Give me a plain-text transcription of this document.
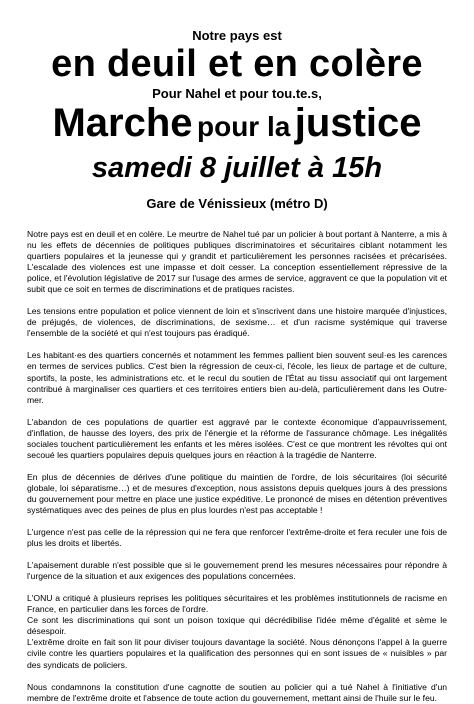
Notre pays est
en deuil et en colère
Pour Nahel et pour tou.te.s,
Marche pour la justice
samedi 8 juillet à 15h
Gare de Vénissieux (métro D)

Notre pays est en deuil et en colère. Le meurtre de Nahel tué par un policier à bout portant à Nanterre, a mis à nu les effets de décennies de politiques publiques discriminatoires et sécuritaires ciblant notamment les quartiers populaires et la jeunesse qui y grandit et particulièrement les personnes racisées et précarisées. L'escalade des violences est une impasse et doit cesser. La conception essentiellement répressive de la police, et l'évolution législative de 2017 sur l'usage des armes de service, aggravent ce que la population vit et subit que ce soit en termes de discriminations et de pratiques racistes.

Les tensions entre population et police viennent de loin et s'inscrivent dans une histoire marquée d'injustices, de préjugés, de violences, de discriminations, de sexisme… et d'un racisme systémique qui traverse l'ensemble de la société et qui n'est toujours pas éradiqué.

Les habitant·es des quartiers concernés et notamment les femmes pallient bien souvent seul·es les carences en termes de services publics. C'est bien la régression de ceux-ci, l'école, les lieux de partage et de culture, sportifs, la poste, les administrations etc. et le recul du soutien de l'État au tissu associatif qui ont largement contribué à marginaliser ces quartiers et ces territoires entiers bien au-delà, particulièrement dans les Outre- mer.

L'abandon de ces populations de quartier est aggravé par le contexte économique d'appauvrissement, d'inflation, de hausse des loyers, des prix de l'énergie et la réforme de l'assurance chômage. Les inégalités sociales touchent particulièrement les enfants et les mères isolées. C'est ce que montrent les révoltes qui ont secoué les quartiers populaires depuis quelques jours en réaction à la tragédie de Nanterre.

En plus de décennies de dérives d'une politique du maintien de l'ordre, de lois sécuritaires (loi sécurité globale, loi séparatisme…) et de mesures d'exception, nous assistons depuis quelques jours à des pressions du gouvernement pour mettre en place une justice expéditive. Le prononcé de mises en détention préventives systématiques avec des peines de plus en plus lourdes n'est pas acceptable !

L'urgence n'est pas celle de la répression qui ne fera que renforcer l'extrême-droite et fera reculer une fois de plus les droits et libertés.

L'apaisement durable n'est possible que si le gouvernement prend les mesures nécessaires pour répondre à l'urgence de la situation et aux exigences des populations concernées.

L'ONU a critiqué à plusieurs reprises les politiques sécuritaires et les problèmes institutionnels de racisme en France, en particulier dans les forces de l'ordre.
Ce sont les discriminations qui sont un poison toxique qui décrédibilise l'idée même d'égalité et sème le désespoir.
L'extrême droite en fait son lit pour diviser toujours davantage la société. Nous dénonçons l'appel à la guerre civile contre les quartiers populaires et la qualification des personnes qui en sont issues de « nuisibles » par des syndicats de policiers.

Nous condamnons la constitution d'une cagnotte de soutien au policier qui a tué Nahel à l'initiative d'un membre de l'extrême droite et l'absence de toute action du gouvernement, mettant ainsi de l'huile sur le feu.
